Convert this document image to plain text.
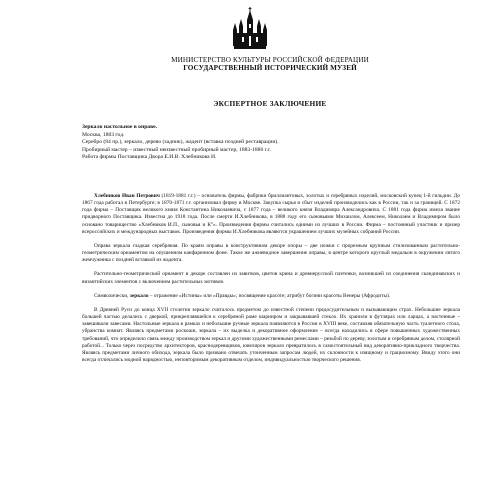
МИНИСТЕРСТВО КУЛЬТУРЫ РОССИЙСКОЙ ФЕДЕРАЦИИ
ГОСУДАРСТВЕННЫЙ ИСТОРИЧЕСКИЙ МУЗЕЙ
ЭКСПЕРТНОЕ ЗАКЛЮЧЕНИЕ
Зеркало настольное в оправе.
Москва, 1883 год.
Серебро (84 пр.), зеркало, дерево (задник), жадеит (вставка поздней реставрации).
Пробирный мастер – известный неизвестный пробирный мастер, 1883-1886 г.г.
Работа фирмы Поставщика Двора Е.И.В. Хлебникова И.

Хлебников Иван Петрович (1819-1881 г.г.) – основатель фирмы, фабрики бриллиантовых, золотых и серебряных изделий, московский купец 1-й гильдии. До 1867 года работал в Петербурге; в 1870-1871 г.г. организовал фирму в Москве. Закупка сырья и сбыт изделий производились как в России, так и за границей. С 1872 года фирма – Поставщик великого князя Константина Николаевича, с 1877 года – великого князя Владимира Александровича. С 1881 года фирма имела звание придворного Поставщика. Известна до 1918 года. После смерти И.Хлебникова, в 1888 году его сыновьями Михаилом, Алексеем, Николаем и Владимиром было основано товарищество «Хлебников И.П., сыновья и К°». Произведения фирмы считались одними из лучших в России. Фирма – постоянный участник и призер всероссийских и международных выставок. Произведения фирмы И.Хлебникова являются украшением лучших музейных собраний России.

Оправа зеркала гладкая серебряная. По краям оправы в конструктивном декоре опоры – две ножки с прорезным крупным стилизованным растительно-геометрическим орнаментом на опушенном канфаренном фоне. Такое же ажиевидное завершение оправы, в центре которого круглый медальон в окружении литого жемчужника с поздней вставкой из жадеита.

Растительно-геометрический орнамент в декоре составлен из завитков, цветов крина и древнерусской плетенки, возникшей из соединения скандинавских и византийских элементов с включением растительных мотивов.

Символически, зеркало – отражение «Истины» или «Правды»; посвящение красоте; атрибут богини красоты Венеры (Афродиты).

В Древней Руси до конца XVII столетия зеркало считалось предметом до известной степени предосудительным и вызывающим страх. Небольшие зеркала большей частью делались с дверкой, прикреплявшейся к серебряной раме шарниром и закрывавшей стекло. Их хранили в футлярах или ларцах, а настенные – завешивали завесами. Настольные зеркала в рамках и небольшие ручные зеркала появляются в России в XVIII веке, составляя обязательную часть туалетного стола, убранства комнат. Являясь предметами роскоши, зеркала – их выделка и декоративное оформление – всегда находились в сфере повышенных художественных требований, что определило связь между производством зеркал и другими художественными ремеслами – резьбой по дереву, золотым и серебряным делом, столярной работой... Только через посредство архитекторов, краснодеревщиков, ювелиров зеркало превратилось в самостоятельный вид декоративно-прикладного творчества. Являясь предметами личного обихода, зеркала было призвано отвечать утонченным запросам людей, их склонности к изящному и грациозному. Ввиду этого они всегда отличались модной нарядностью, неповторимым декоративным отделом, индивидуальностью творческого решения.
